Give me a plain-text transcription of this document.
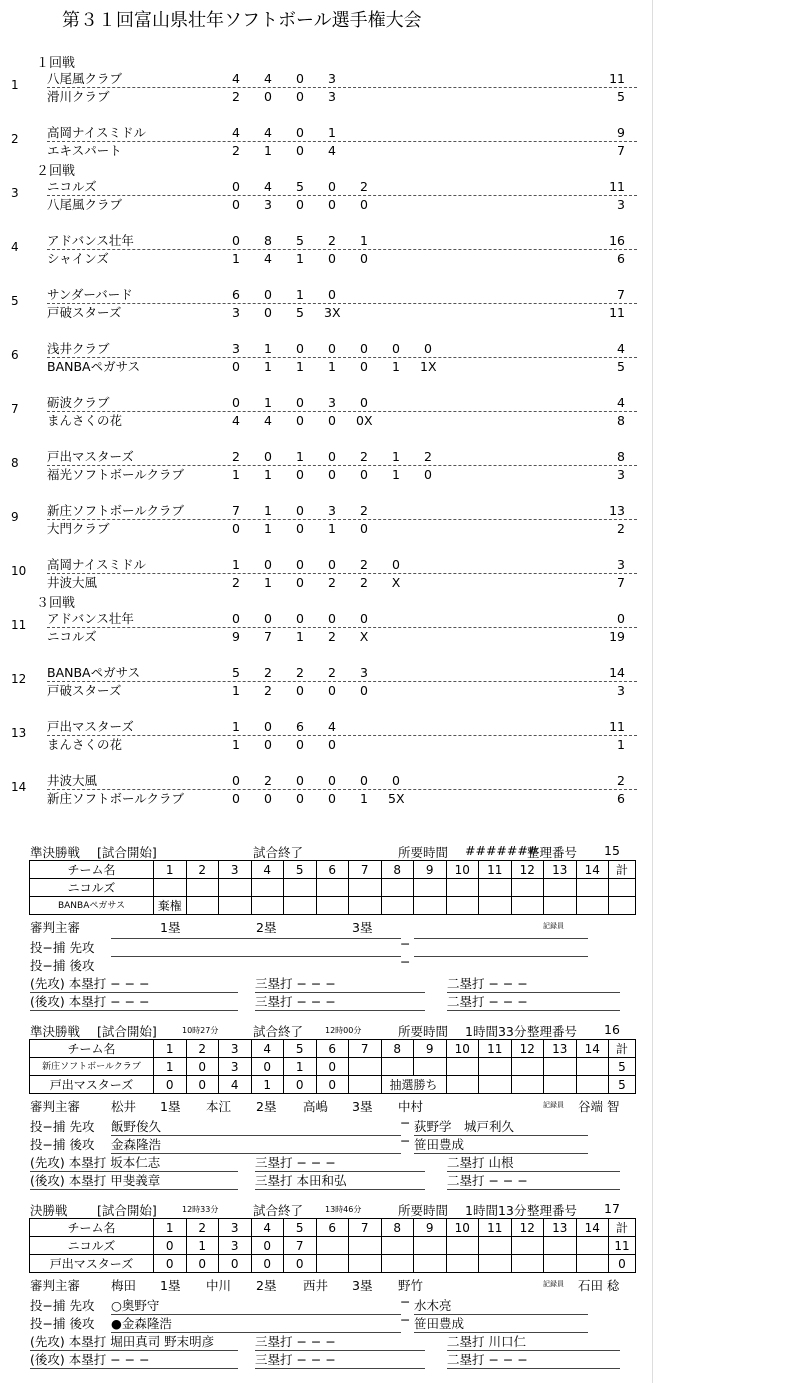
第３１回富山県壮年ソフトボール選手権大会
１回戦
２回戦
３回戦
1 八尾風クラブ	4	4	0	3	11
滑川クラブ	2	0	0	3	5
2 高岡ナイスミドル	4	4	0	1	9
エキスパート	2	1	0	4	7
3 ニコルズ	0	4	5	0	2	11
八尾風クラブ	0	3	0	0	0	3
4 アドバンス壮年	0	8	5	2	1	16
シャインズ	1	4	1	0	0	6
5 サンダーバード	6	0	1	0	7
戸破スターズ	3	0	5	3X	11
6 浅井クラブ	3	1	0	0	0	0	0	4
BANBAペガサス	0	1	1	1	0	1	1X	5
7 砺波クラブ	0	1	0	3	0	4
まんさくの花	4	4	0	0	0X	8
8 戸出マスターズ	2	0	1	0	2	1	2	8
福光ソフトボールクラブ	1	1	0	0	0	1	0	3
9 新庄ソフトボールクラブ	7	1	0	3	2	13
大門クラブ	0	1	0	1	0	2
10 高岡ナイスミドル	1	0	0	0	2	0	3
井波大風	2	1	0	2	2	X	7
11 アドバンス壮年	0	0	0	0	0	0
ニコルズ	9	7	1	2	X	19
12 BANBAペガサス	5	2	2	2	3	14
戸破スターズ	1	2	0	0	0	3
13 戸出マスターズ	1	0	6	4	11
まんさくの花	1	0	0	0	1
14 井波大風	0	2	0	0	0	0	2
新庄ソフトボールクラブ	0	0	0	0	1	5X	6
準決勝戦 [試合開始]	試合終了	所要時間 #######
整理番号 15
チーム名	1	2	3	4	5	6	7	8	9	10	11	12	13	14	計
ニコルズ															
BANBAペガサス	棄権														
審判主審	1塁	2塁	3塁	記録員
投−捕 先攻	−
投−捕 後攻	−
(先攻) 本塁打 − − −	三塁打 − − −	二塁打 − − −
(後攻) 本塁打 − − −	三塁打 − − −	二塁打 − − −
準決勝戦 [試合開始]	10時27分	試合終了	12時00分	所要時間 1時間33分 整理番号 16
チーム名	1	2	3	4	5	6	7	8	9	10	11	12	13	14	計
新庄ソフトボールクラブ	1	0	3	0	1	0									5
戸出マスターズ	0	0	4	1	0	0		抽選勝ち							5
審判主審 松井 1塁 本江 2塁 高嶋 3塁 中村	記録員 谷端 智
投−捕 先攻 飯野俊久	− 荻野学　城戸利久
投−捕 後攻 金森隆浩	− 笹田豊成
(先攻) 本塁打 坂本仁志	三塁打 − − −	二塁打 山根
(後攻) 本塁打 甲斐義章	三塁打 本田和弘	二塁打 − − −
決勝戦 [試合開始]	12時33分	試合終了	13時46分	所要時間 1時間13分 整理番号 17
チーム名	1	2	3	4	5	6	7	8	9	10	11	12	13	14	計
ニコルズ	0	1	3	0	7										11
戸出マスターズ	0	0	0	0	0										0
審判主審 梅田 1塁 中川 2塁 西井 3塁 野竹	記録員 石田 稔
投−捕 先攻 ○奥野守	− 水木亮
投−捕 後攻 ●金森隆浩	− 笹田豊成
(先攻) 本塁打 堀田真司 野末明彦	三塁打 − − −	二塁打 川口仁
(後攻) 本塁打 − − −	三塁打 − − −	二塁打 − − −
